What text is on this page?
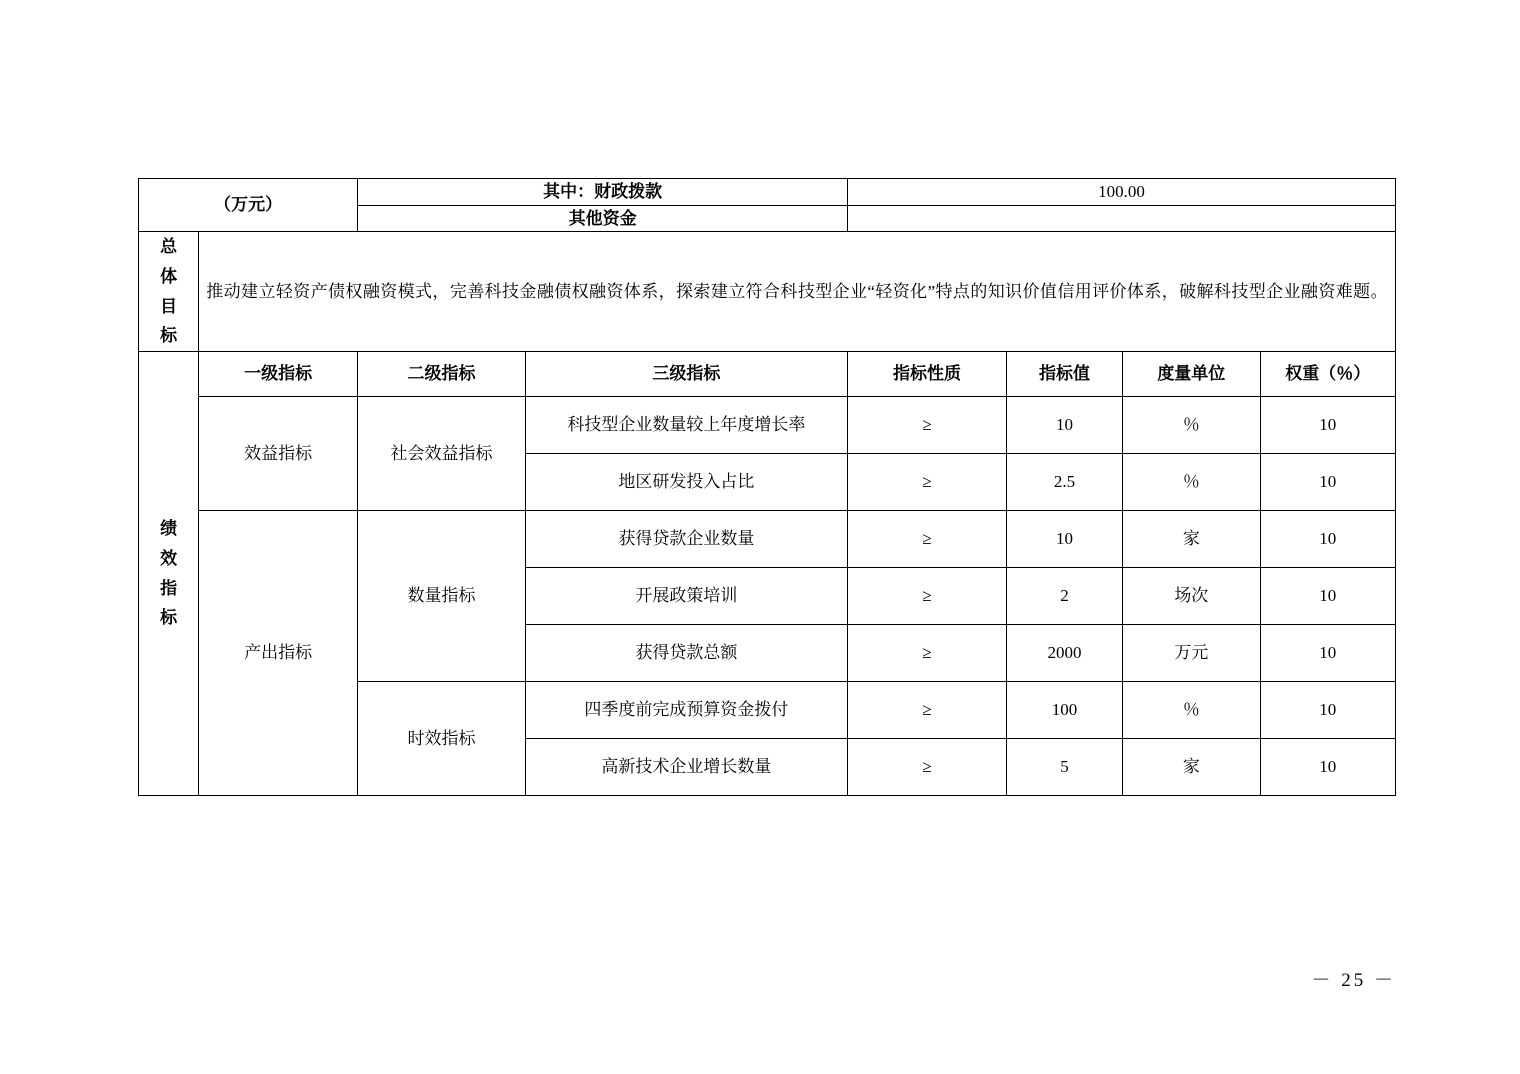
（万元）		其中：财政拨款		100.00			
		其他资金					

总
体
目
标	推动建立轻资产债权融资模式，完善科技金融债权融资体系，探索建立符合科技型企业“轻资化”特点的知识价值信用评价体系，破解科技型企业融资难题。						

绩
效
指
标	一级指标	二级指标	三级指标	指标性质	指标值	度量单位	权重（％）
	效益指标	社会效益指标	科技型企业数量较上年度增长率	≥	10	％	10
			地区研发投入占比	≥	2.5	％	10
	产出指标	数量指标	获得贷款企业数量	≥	10	家	10
			开展政策培训	≥	2	场次	10
			获得贷款总额	≥	2000	万元	10
		时效指标	四季度前完成预算资金拨付	≥	100	％	10
			高新技术企业增长数量	≥	5	家	10
－ 25 －
